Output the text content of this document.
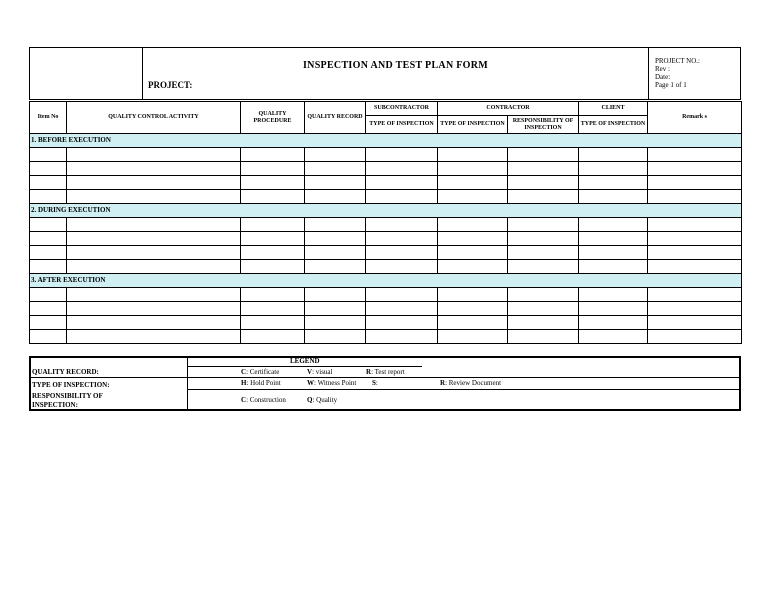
INSPECTION AND TEST PLAN FORM
PROJECT:
PROJECT NO.:
Rev :
Date:
Page 1 of 1
Item No	QUALITY CONTROL ACTIVITY	QUALITY PROCEDURE	QUALITY RECORD	SUBCONTRACTOR	CONTRACTOR		CLIENT	Remark s
				TYPE OF INSPECTION	TYPE OF INSPECTION	RESPONSIBILITY OF INSPECTION	TYPE OF INSPECTION	
1. BEFORE EXECUTION								

2. DURING EXECUTION								

3. AFTER EXECUTION								

LEGEND
QUALITY RECORD:
TYPE OF INSPECTION:
RESPONSIBILITY OF INSPECTION:
C: Certificate	V: visual	R: Test report
H: Hold Point	W: Witness Point S:	R: Review Document
C: Construction	Q: Quality
